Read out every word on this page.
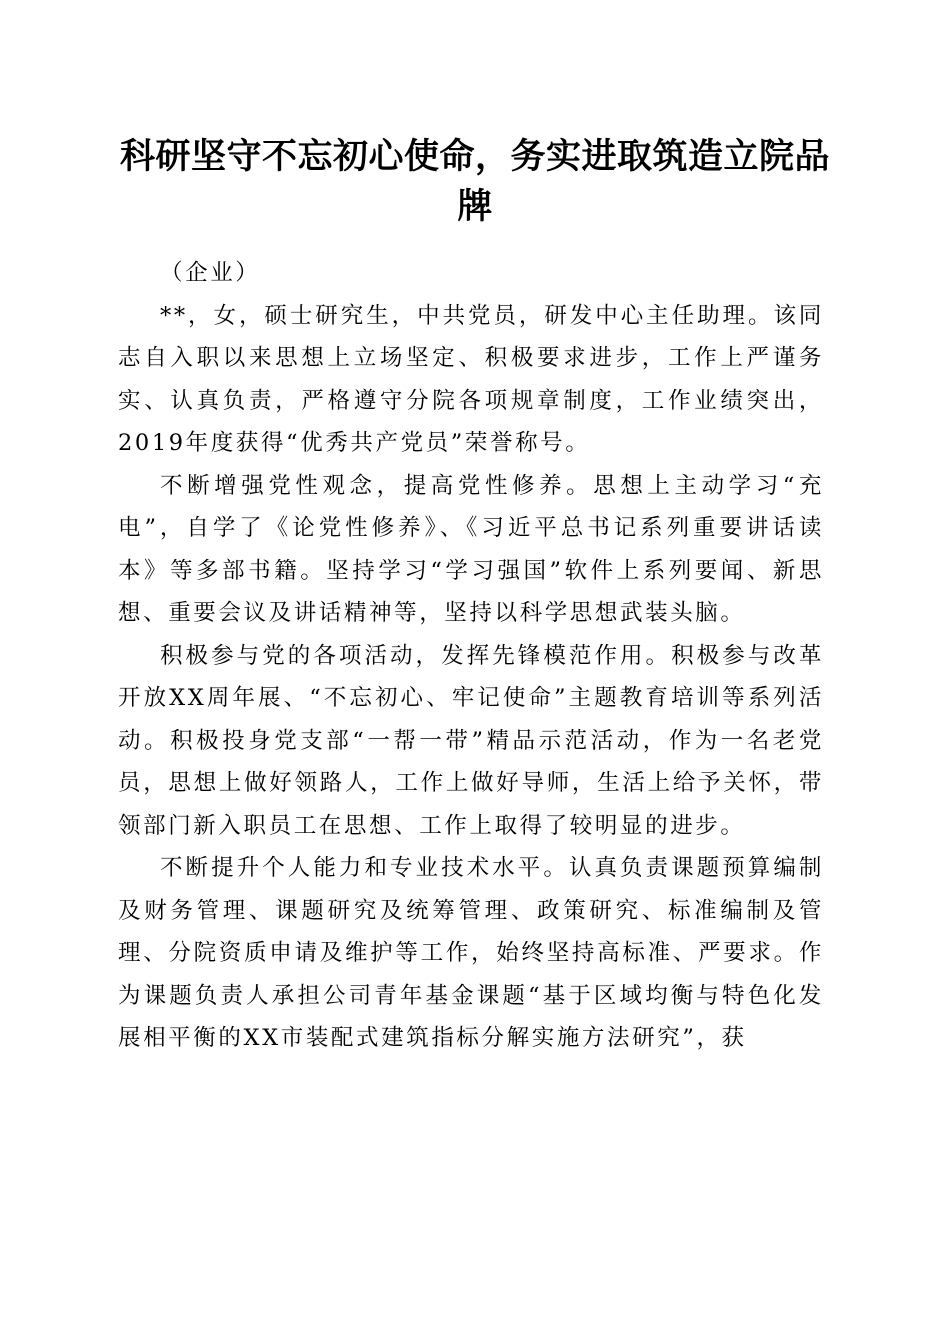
科研坚守不忘初心使命，务实进取筑造立院品牌

（企业）

**，女，硕士研究生，中共党员，研发中心主任助理。该同志自入职以来思想上立场坚定、积极要求进步，工作上严谨务实、认真负责，严格遵守分院各项规章制度，工作业绩突出，2019年度获得“优秀共产党员”荣誉称号。

不断增强党性观念，提高党性修养。思想上主动学习“充电”，自学了《论党性修养》、《习近平总书记系列重要讲话读本》等多部书籍。坚持学习“学习强国”软件上系列要闻、新思想、重要会议及讲话精神等，坚持以科学思想武装头脑。

积极参与党的各项活动，发挥先锋模范作用。积极参与改革开放XX周年展、“不忘初心、牢记使命”主题教育培训等系列活动。积极投身党支部“一帮一带”精品示范活动，作为一名老党员，思想上做好领路人，工作上做好导师，生活上给予关怀，带领部门新入职员工在思想、工作上取得了较明显的进步。

不断提升个人能力和专业技术水平。认真负责课题预算编制及财务管理、课题研究及统筹管理、政策研究、标准编制及管理、分院资质申请及维护等工作，始终坚持高标准、严要求。作为课题负责人承担公司青年基金课题“基于区域均衡与特色化发展相平衡的XX市装配式建筑指标分解实施方法研究”，获
